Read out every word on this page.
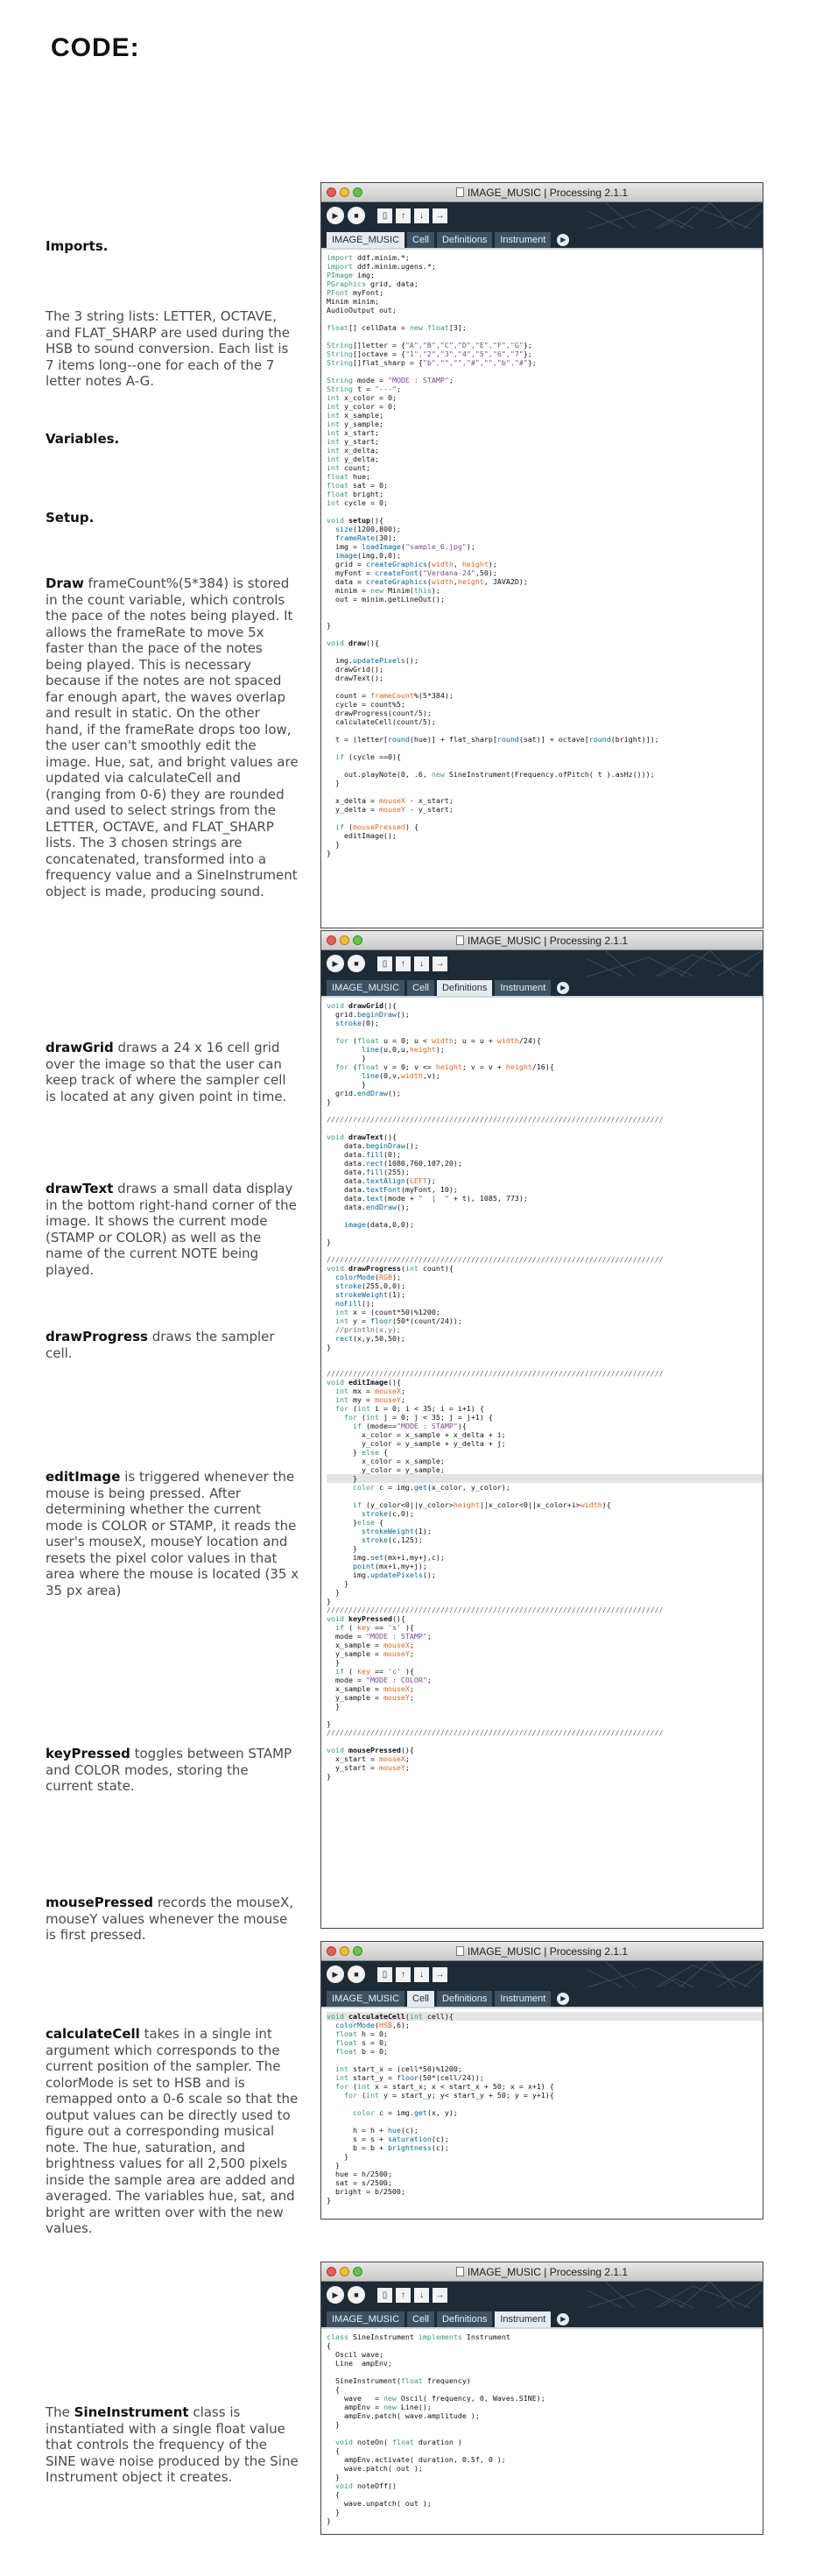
CODE:
Imports.
The 3 string lists: LETTER, OCTAVE, and FLAT_SHARP are used during the HSB to sound conversion. Each list is 7 items long--one for each of the 7 letter notes A-G.
Variables.
Setup.
Draw frameCount%(5*384) is stored in the count variable, which controls the pace of the notes being played. It allows the frameRate to move 5x faster than the pace of the notes being played. This is necessary because if the notes are not spaced far enough apart, the waves overlap and result in static. On the other hand, if the frameRate drops too low, the user can't smoothly edit the image. Hue, sat, and bright values are updated via calculateCell and (ranging from 0-6) they are rounded and used to select strings from the LETTER, OCTAVE, and FLAT_SHARP lists. The 3 chosen strings are concatenated, transformed into a frequency value and a SineInstrument object is made, producing sound.
drawGrid draws a 24 x 16 cell grid over the image so that the user can keep track of where the sampler cell is located at any given point in time.
drawText draws a small data display in the bottom right-hand corner of the image. It shows the current mode (STAMP or COLOR) as well as the name of the current NOTE being played.
drawProgress draws the sampler cell.
editImage is triggered whenever the mouse is being pressed. After determining whether the current mode is COLOR or STAMP, it reads the user's mouseX, mouseY location and resets the pixel color values in that area where the mouse is located (35 x 35 px area)
keyPressed toggles between STAMP and COLOR modes, storing the current state.
mousePressed records the mouseX, mouseY values whenever the mouse is first pressed.
calculateCell takes in a single int argument which corresponds to the current position of the sampler. The colorMode is set to HSB and is remapped onto a 0-6 scale so that the output values can be directly used to figure out a corresponding musical note. The hue, saturation, and brightness values for all 2,500 pixels inside the sample area are added and averaged. The variables hue, sat, and bright are written over with the new values.
The SineInstrument class is instantiated with a single float value that controls the frequency of the SINE wave noise produced by the Sine Instrument object it creates.
IMAGE_MUSIC | Processing 2.1.1
▶	■	▯	↑	↓	→
IMAGE_MUSIC	Cell	Definitions	Instrument	▶
import ddf.minim.*;
import ddf.minim.ugens.*;
PImage img;
PGraphics grid, data;
PFont myFont;
Minim minim;
AudioOutput out;

float[] cellData = new float[3];

String[]letter = {"A","B","C","D","E","F","G"};
String[]octave = {"1","2","3","4","5","6","7"};
String[]flat_sharp = {"b","","","#","","b","#"};

String mode = "MODE : STAMP";
String t = "---";
int x_color = 0;
int y_color = 0;
int x_sample;
int y_sample;
int x_start;
int y_start;
int x_delta;
int y_delta;
int count;
float hue;
float sat = 0;
float bright;
int cycle = 0;

void setup(){
size(1200,800);
frameRate(30);
img = loadImage("sample_6.jpg");
image(img,0,0);
grid = createGraphics(width, height);
myFont = createFont("Verdana-24",50);
data = createGraphics(width,height, JAVA2D);
minim = new Minim(this);
out = minim.getLineOut();

}

void draw(){

img.updatePixels();
drawGrid();
drawText();

count = frameCount%(5*384);
cycle = count%5;
drawProgress(count/5);
calculateCell(count/5);

t = (letter[round(hue)] + flat_sharp[round(sat)] + octave[round(bright)]);

if (cycle ==0){

out.playNote(0, .6, new SineInstrument(Frequency.ofPitch( t ).asHz()));
}

x_delta = mouseX - x_start;
y_delta = mouseY - y_start;

if (mousePressed) {
editImage();
}
}
IMAGE_MUSIC | Processing 2.1.1
▶	■	▯	↑	↓	→
IMAGE_MUSIC	Cell	Definitions	Instrument	▶
void drawGrid(){
grid.beginDraw();
stroke(0);

for (float u = 0; u < width; u = u + width/24){
line(u,0,u,height);
}
for (float v = 0; v <= height; v = v + height/16){
line(0,v,width,v);
}
grid.endDraw();
}

/////////////////////////////////////////////////////////////////////////////

void drawText(){
data.beginDraw();
data.fill(0);
data.rect(1080,760,107,20);
data.fill(255);
data.textAlign(LEFT);
data.textFont(myFont, 10);
data.text(mode + "  |  " + t), 1085, 773);
data.endDraw();

image(data,0,0);

}

/////////////////////////////////////////////////////////////////////////////
void drawProgress(int count){
colorMode(RGB);
stroke(255,0,0);
strokeWeight(1);
noFill();
int x = (count*50)%1200;
int y = floor(50*(count/24));
//println(x,y);
rect(x,y,50,50);
}

/////////////////////////////////////////////////////////////////////////////
void editImage(){
int mx = mouseX;
int my = mouseY;
for (int i = 0; i < 35; i = i+1) {
for (int j = 0; j < 35; j = j+1) {
if (mode=="MODE : STAMP"){
x_color = x_sample + x_delta + i;
y_color = y_sample + y_delta + j;
} else {
x_color = x_sample;
y_color = y_sample;
}
color c = img.get(x_color, y_color);

if (y_color<0||y_color>height||x_color<0||x_color+i>width){
stroke(c,0);
}else {
strokeWeight(1);
stroke(c,125);
}
img.set(mx+i,my+j,c);
point(mx+i,my+j);
img.updatePixels();
}
}
}
/////////////////////////////////////////////////////////////////////////////
void keyPressed(){
if ( key == 's' ){
mode = "MODE : STAMP";
x_sample = mouseX;
y_sample = mouseY;
}
if ( key == 'c' ){
mode = "MODE : COLOR";
x_sample = mouseX;
y_sample = mouseY;
}

}
/////////////////////////////////////////////////////////////////////////////

void mousePressed(){
x_start = mouseX;
y_start = mouseY;
}
IMAGE_MUSIC | Processing 2.1.1
▶	■	▯	↑	↓	→
IMAGE_MUSIC	Cell	Definitions	Instrument	▶
void calculateCell(int cell){
colorMode(HSB,6);
float h = 0;
float s = 0;
float b = 0;

int start_x = (cell*50)%1200;
int start_y = floor(50*(cell/24));
for (int x = start_x; x < start_x + 50; x = x+1) {
for (int y = start_y; y< start_y + 50; y = y+1){

color c = img.get(x, y);

h = h + hue(c);
s = s + saturation(c);
b = b + brightness(c);
}
}
hue = h/2500;
sat = s/2500;
bright = b/2500;
}
IMAGE_MUSIC | Processing 2.1.1
▶	■	▯	↑	↓	→
IMAGE_MUSIC	Cell	Definitions	Instrument	▶
class SineInstrument implements Instrument
{
Oscil wave;
Line  ampEnv;

SineInstrument(float frequency)
{
wave   = new Oscil( frequency, 0, Waves.SINE);
ampEnv = new Line();
ampEnv.patch( wave.amplitude );
}

void noteOn( float duration )
{
ampEnv.activate( duration, 0.5f, 0 );
wave.patch( out );
}
void noteOff()
{
wave.unpatch( out );
}
}
